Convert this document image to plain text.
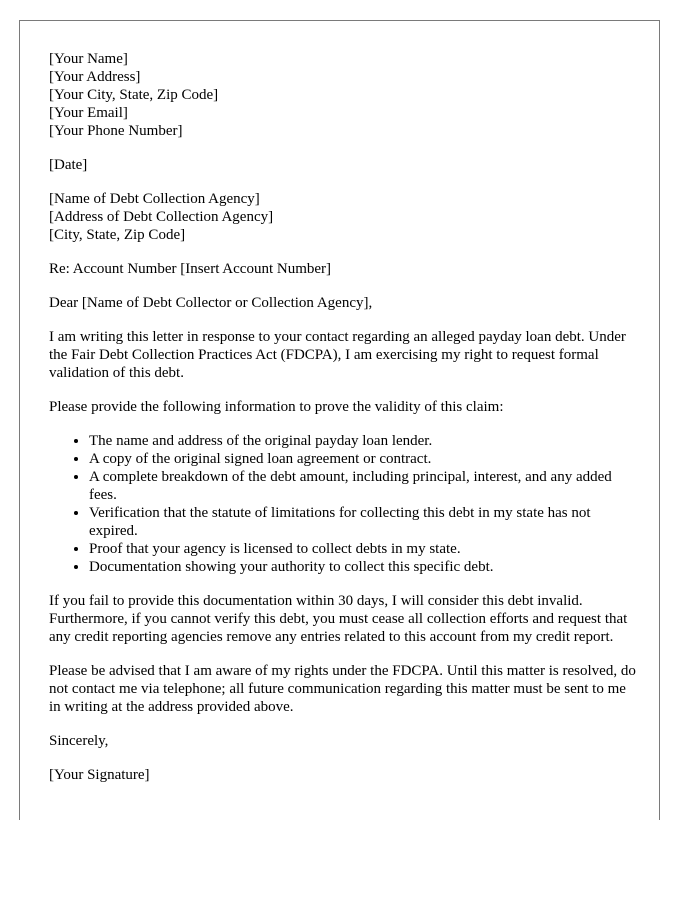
[Your Name]
[Your Address]
[Your City, State, Zip Code]
[Your Email]
[Your Phone Number]

[Date]

[Name of Debt Collection Agency]
[Address of Debt Collection Agency]
[City, State, Zip Code]

Re: Account Number [Insert Account Number]

Dear [Name of Debt Collector or Collection Agency],

I am writing this letter in response to your contact regarding an alleged payday loan debt. Under the Fair Debt Collection Practices Act (FDCPA), I am exercising my right to request formal validation of this debt.

Please provide the following information to prove the validity of this claim:

• The name and address of the original payday loan lender.
• A copy of the original signed loan agreement or contract.
• A complete breakdown of the debt amount, including principal, interest, and any added fees.
• Verification that the statute of limitations for collecting this debt in my state has not expired.
• Proof that your agency is licensed to collect debts in my state.
• Documentation showing your authority to collect this specific debt.

If you fail to provide this documentation within 30 days, I will consider this debt invalid. Furthermore, if you cannot verify this debt, you must cease all collection efforts and request that any credit reporting agencies remove any entries related to this account from my credit report.

Please be advised that I am aware of my rights under the FDCPA. Until this matter is resolved, do not contact me via telephone; all future communication regarding this matter must be sent to me in writing at the address provided above.

Sincerely,

[Your Signature]
